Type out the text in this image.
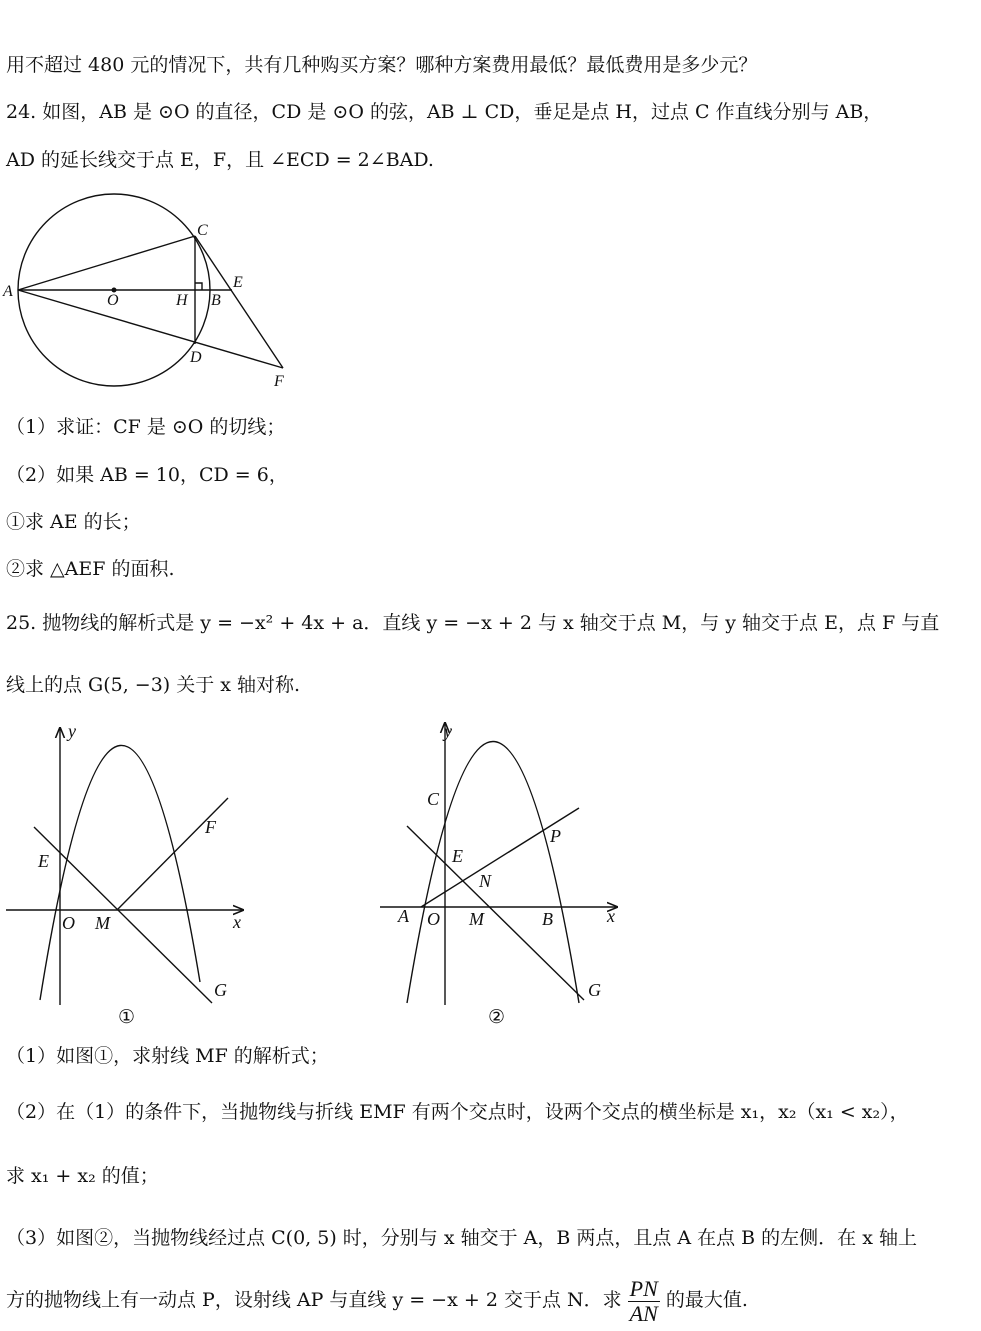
用不超过 480 元的情况下，共有几种购买方案？哪种方案费用最低？最低费用是多少元？
24. 如图，AB 是 ⊙O 的直径，CD 是 ⊙O 的弦，AB ⊥ CD，垂足是点 H，过点 C 作直线分别与 AB，
AD 的延长线交于点 E，F，且 ∠ECD = 2∠BAD.
A
O	H B
C
D
E
F
（1）求证：CF 是 ⊙O 的切线；
（2）如果 AB = 10，CD = 6，
①求 AE 的长；
②求 △AEF 的面积.
25. 抛物线的解析式是 y = −x² + 4x + a．直线 y = −x + 2 与 x 轴交于点 M，与 y 轴交于点 E，点 F 与直
线上的点 G(5, −3) 关于 x 轴对称.
y
x
O M
E
F
G
①
y
x
A O M	B
C
E
N
P
G
②
（1）如图①，求射线 MF 的解析式；
（2）在（1）的条件下，当抛物线与折线 EMF 有两个交点时，设两个交点的横坐标是 x₁，x₂（x₁ < x₂），
求 x₁ + x₂ 的值；
（3）如图②，当抛物线经过点 C(0, 5) 时，分别与 x 轴交于 A，B 两点，且点 A 在点 B 的左侧．在 x 轴上
方的抛物线上有一动点 P，设射线 AP 与直线 y = −x + 2 交于点 N．求 $\frac{PN}{AN}$ 的最大值.
